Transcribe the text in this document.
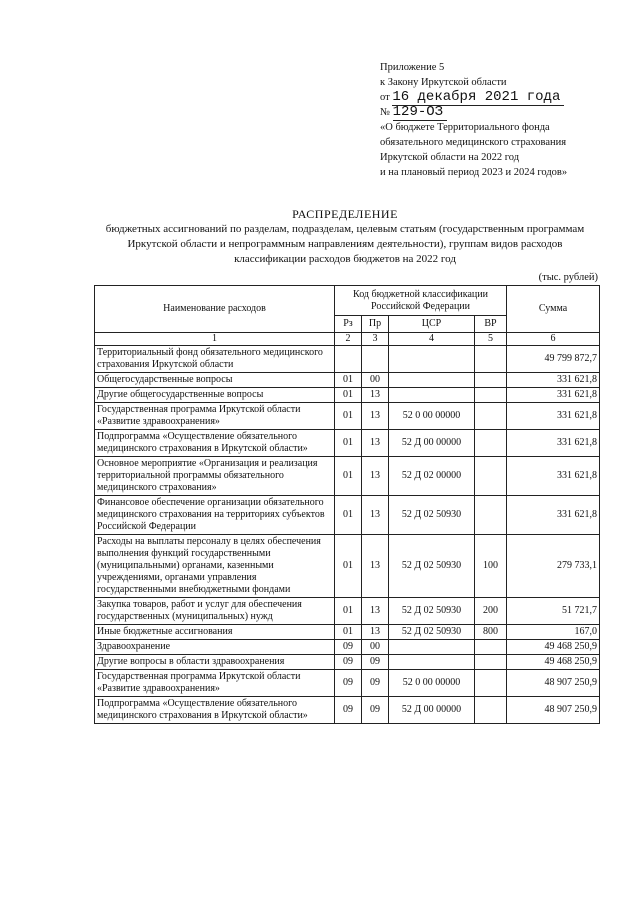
Приложение 5
к Закону Иркутской области
от 16 декабря 2021 года
№ 129-ОЗ
«О бюджете Территориального фонда
обязательного медицинского страхования
Иркутской области на 2022 год
и на плановый период 2023 и 2024 годов»
РАСПРЕДЕЛЕНИЕ
бюджетных ассигнований по разделам, подразделам, целевым статьям (государственным программам
Иркутской области и непрограммным направлениям деятельности), группам видов расходов
классификации расходов бюджетов на 2022 год
(тыс. рублей)
Наименование расходов	Код бюджетной классификации Российской Федерации				Сумма
	Рз	Пр	ЦСР	ВР	
1	2	3	4	5	6
Территориальный фонд обязательного медицинского страхования Иркутской области					49 799 872,7
Общегосударственные вопросы	01	00			331 621,8
Другие общегосударственные вопросы	01	13			331 621,8
Государственная программа Иркутской области «Развитие здравоохранения»	01	13	52 0 00 00000		331 621,8
Подпрограмма «Осуществление обязательного медицинского страхования в Иркутской области»	01	13	52 Д 00 00000		331 621,8
Основное мероприятие «Организация и реализация территориальной программы обязательного медицинского страхования»	01	13	52 Д 02 00000		331 621,8
Финансовое обеспечение организации обязательного медицинского страхования на территориях субъектов Российской Федерации	01	13	52 Д 02 50930		331 621,8
Расходы на выплаты персоналу в целях обеспечения выполнения функций государственными (муниципальными) органами, казенными учреждениями, органами управления государственными внебюджетными фондами	01	13	52 Д 02 50930	100	279 733,1
Закупка товаров, работ и услуг для обеспечения государственных (муниципальных) нужд	01	13	52 Д 02 50930	200	51 721,7
Иные бюджетные ассигнования	01	13	52 Д 02 50930	800	167,0
Здравоохранение	09	00			49 468 250,9
Другие вопросы в области здравоохранения	09	09			49 468 250,9
Государственная программа Иркутской области «Развитие здравоохранения»	09	09	52 0 00 00000		48 907 250,9
Подпрограмма «Осуществление обязательного медицинского страхования в Иркутской области»	09	09	52 Д 00 00000		48 907 250,9
